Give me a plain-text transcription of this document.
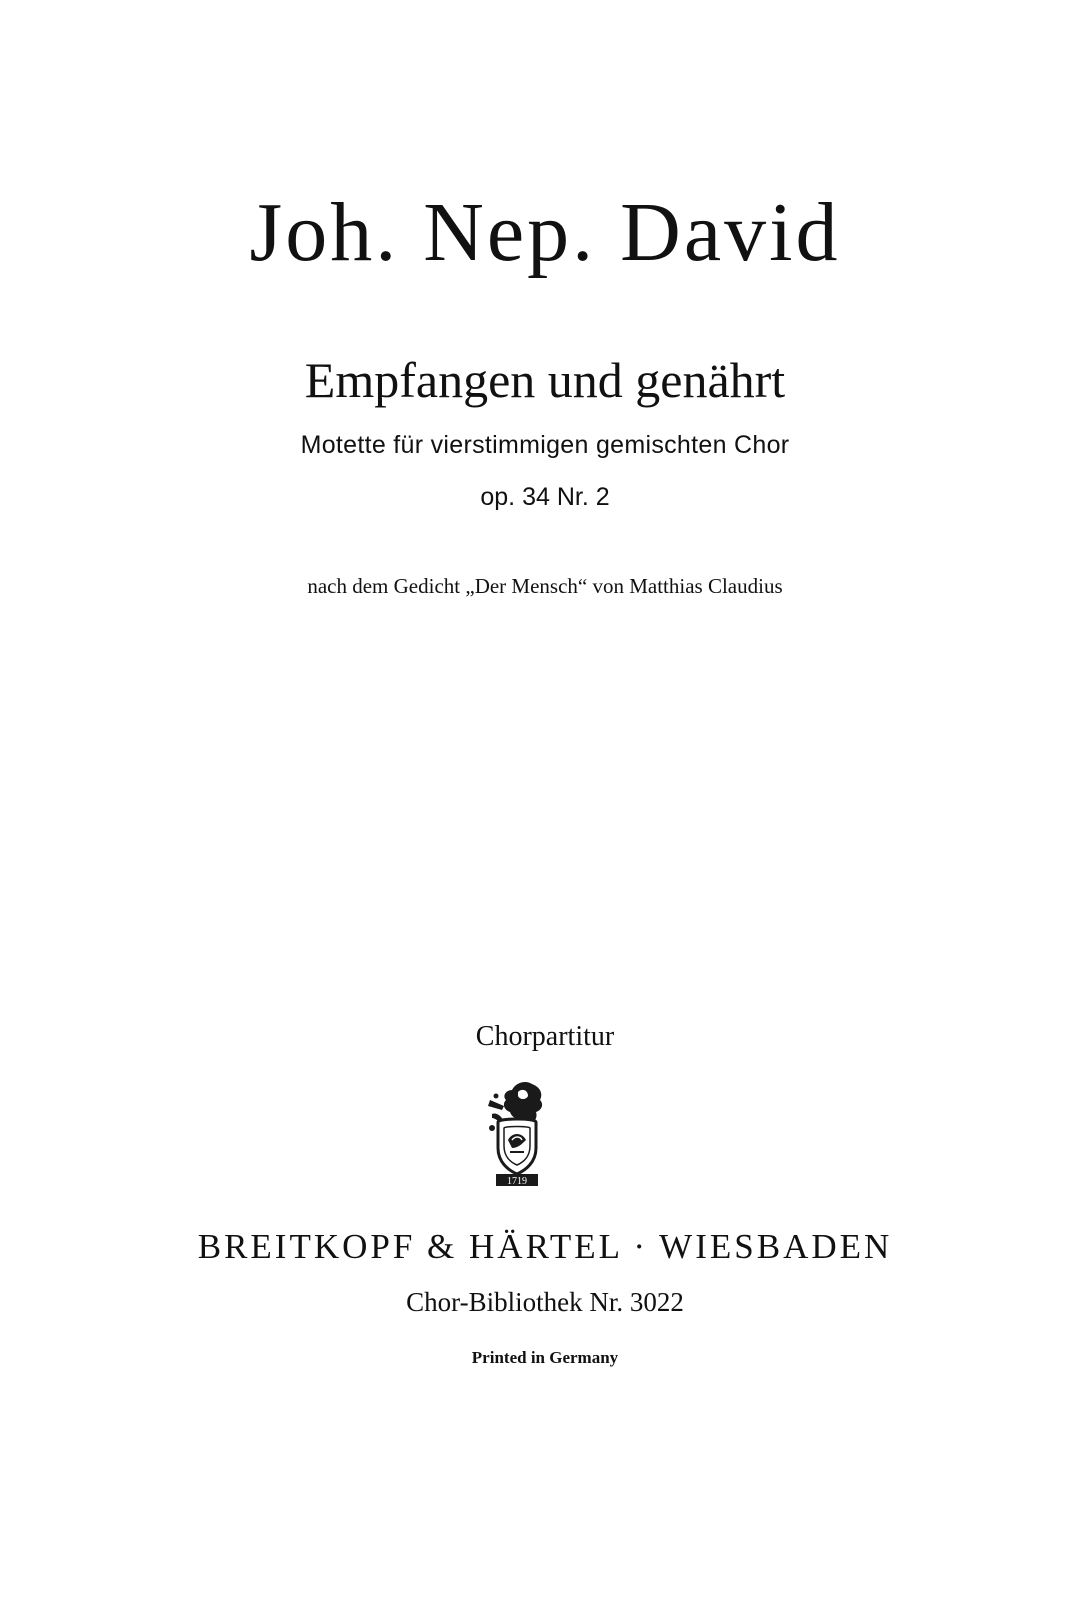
Joh. Nep. David
Empfangen und genährt
Motette für vierstimmigen gemischten Chor
op. 34 Nr. 2
nach dem Gedicht „Der Mensch“ von Matthias Claudius
Chorpartitur
1719
BREITKOPF & HÄRTEL · WIESBADEN
Chor-Bibliothek Nr. 3022
Printed in Germany
